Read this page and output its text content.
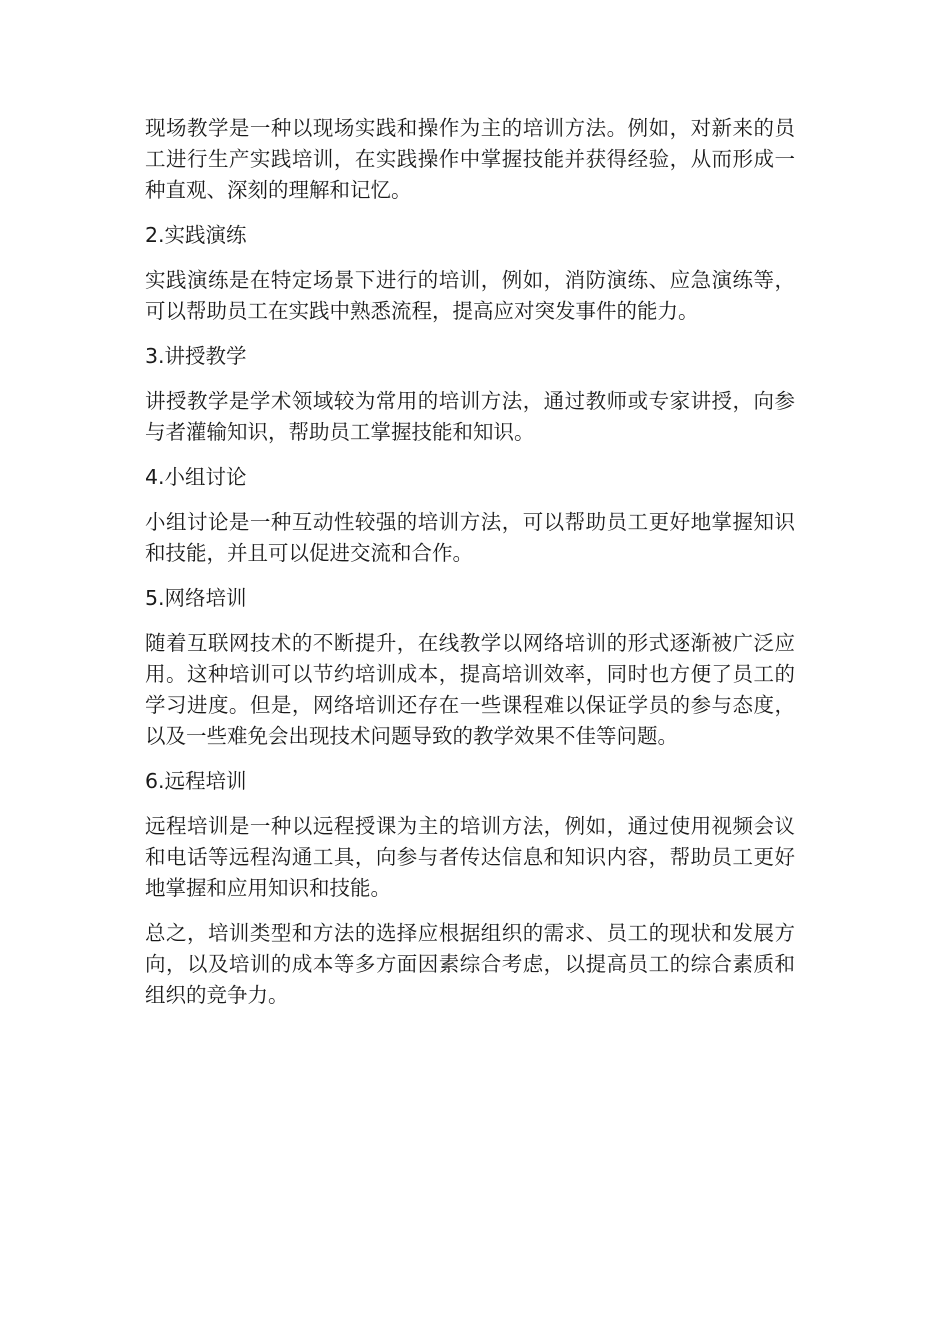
现场教学是一种以现场实践和操作为主的培训方法。例如，对新来的员工进行生产实践培训，在实践操作中掌握技能并获得经验，从而形成一种直观、深刻的理解和记忆。

2.实践演练

实践演练是在特定场景下进行的培训，例如，消防演练、应急演练等，可以帮助员工在实践中熟悉流程，提高应对突发事件的能力。

3.讲授教学

讲授教学是学术领域较为常用的培训方法，通过教师或专家讲授，向参与者灌输知识，帮助员工掌握技能和知识。

4.小组讨论

小组讨论是一种互动性较强的培训方法，可以帮助员工更好地掌握知识和技能，并且可以促进交流和合作。

5.网络培训

随着互联网技术的不断提升，在线教学以网络培训的形式逐渐被广泛应用。这种培训可以节约培训成本，提高培训效率，同时也方便了员工的学习进度。但是，网络培训还存在一些课程难以保证学员的参与态度，以及一些难免会出现技术问题导致的教学效果不佳等问题。

6.远程培训

远程培训是一种以远程授课为主的培训方法，例如，通过使用视频会议和电话等远程沟通工具，向参与者传达信息和知识内容，帮助员工更好地掌握和应用知识和技能。

总之，培训类型和方法的选择应根据组织的需求、员工的现状和发展方向，以及培训的成本等多方面因素综合考虑，以提高员工的综合素质和组织的竞争力。
